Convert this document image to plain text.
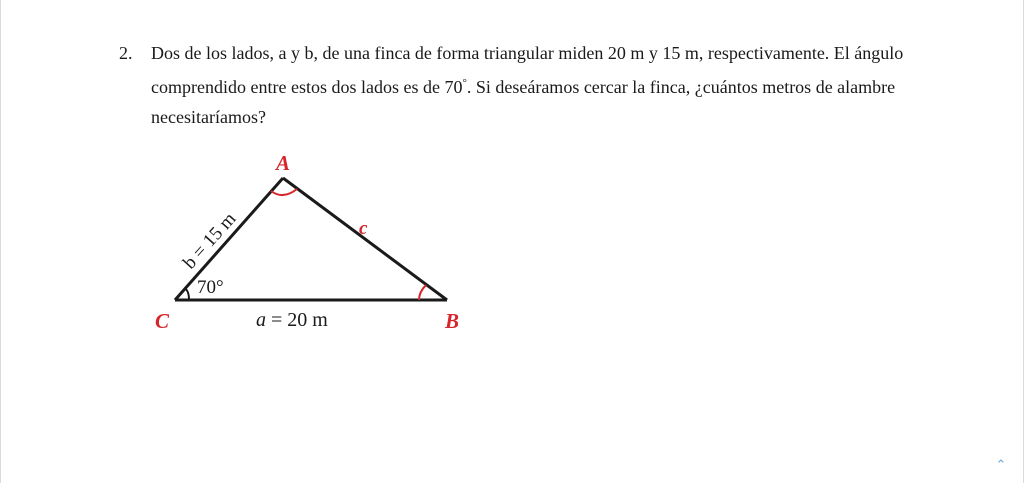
2. Dos de los lados, a y b, de una finca de forma triangular miden 20 m y 15 m, respectivamente. El ángulo comprendido entre estos dos lados es de 70°. Si deseáramos cercar la finca, ¿cuántos metros de alambre necesitaríamos?
A
B
C
c
b = 15 m
70°
a = 20 m
⌃
